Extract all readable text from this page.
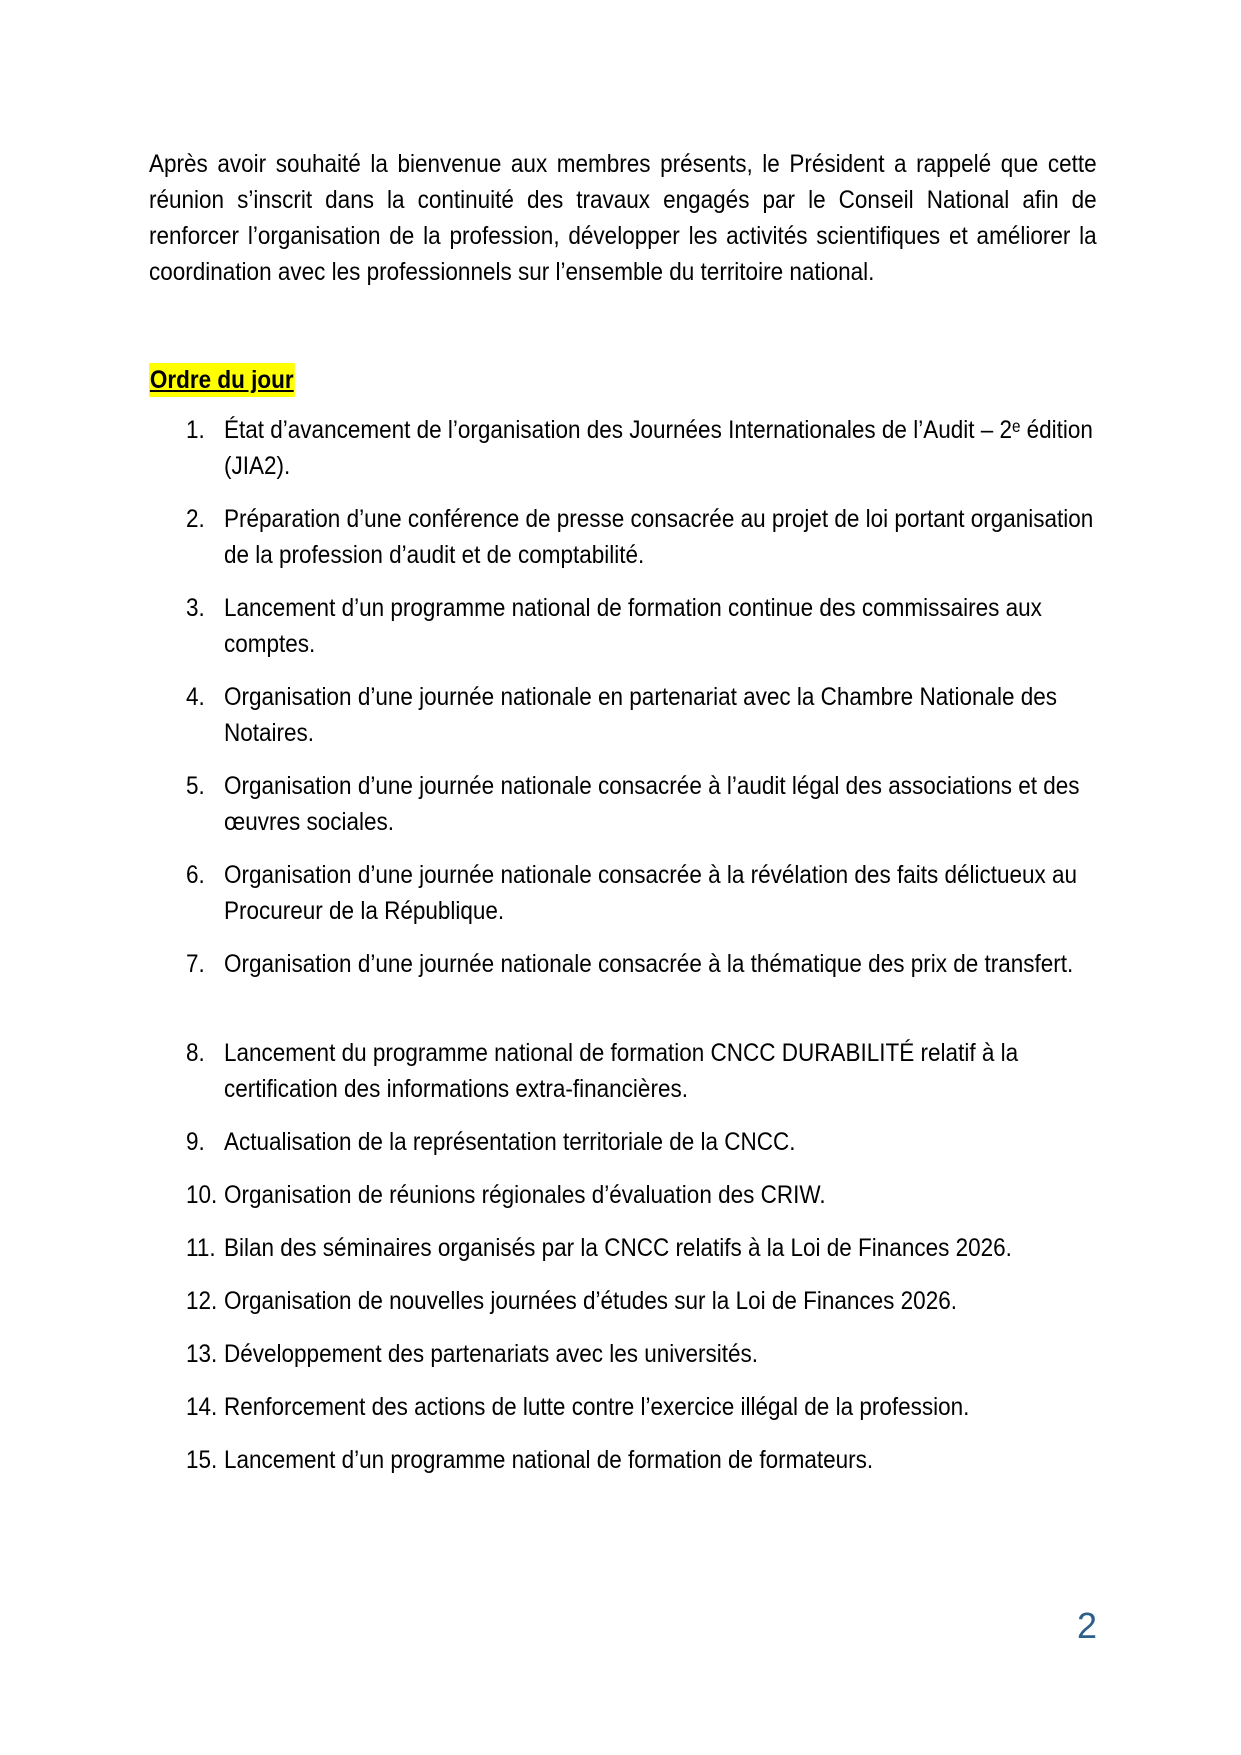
Après avoir souhaité la bienvenue aux membres présents, le Président a rappelé que cette réunion s’inscrit dans la continuité des travaux engagés par le Conseil National afin de renforcer l’organisation de la profession, développer les activités scientifiques et améliorer la coordination avec les professionnels sur l’ensemble du territoire national.

Ordre du jour
1. État d’avancement de l’organisation des Journées Internationales de l’Audit – 2ᵉ édition (JIA2).
2. Préparation d’une conférence de presse consacrée au projet de loi portant organisation de la profession d’audit et de comptabilité.
3. Lancement d’un programme national de formation continue des commissaires aux comptes.
4. Organisation d’une journée nationale en partenariat avec la Chambre Nationale des Notaires.
5. Organisation d’une journée nationale consacrée à l’audit légal des associations et des œuvres sociales.
6. Organisation d’une journée nationale consacrée à la révélation des faits délictueux au Procureur de la République.
7. Organisation d’une journée nationale consacrée à la thématique des prix de transfert.
8. Lancement du programme national de formation CNCC DURABILITÉ relatif à la certification des informations extra-financières.
9. Actualisation de la représentation territoriale de la CNCC.
10. Organisation de réunions régionales d’évaluation des CRIW.
11. Bilan des séminaires organisés par la CNCC relatifs à la Loi de Finances 2026.
12. Organisation de nouvelles journées d’études sur la Loi de Finances 2026.
13. Développement des partenariats avec les universités.
14. Renforcement des actions de lutte contre l’exercice illégal de la profession.
15. Lancement d’un programme national de formation de formateurs.
2
